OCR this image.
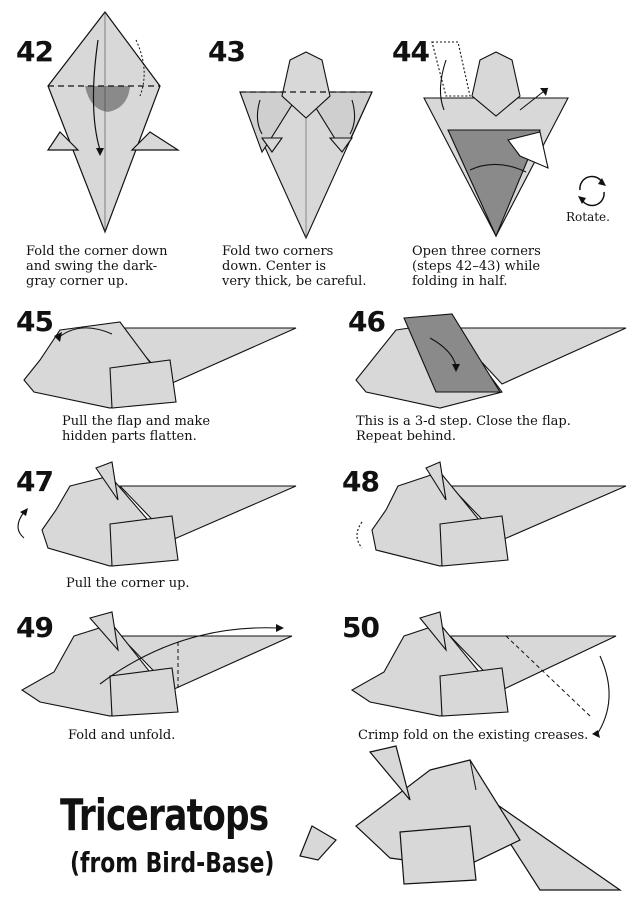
42	43	44
45	46
47	48
49	50
Fold the corner down
and swing the dark-
gray corner up.
Fold two corners
down. Center is
very thick, be careful.
Open three corners
(steps 42–43) while
folding in half.
Pull the flap and make
hidden parts flatten.
This is a 3-d step. Close the flap.
Repeat behind.
Pull the corner up.
Fold and unfold.	Crimp fold on the existing creases.
Rotate.
Triceratops
(from Bird-Base)
